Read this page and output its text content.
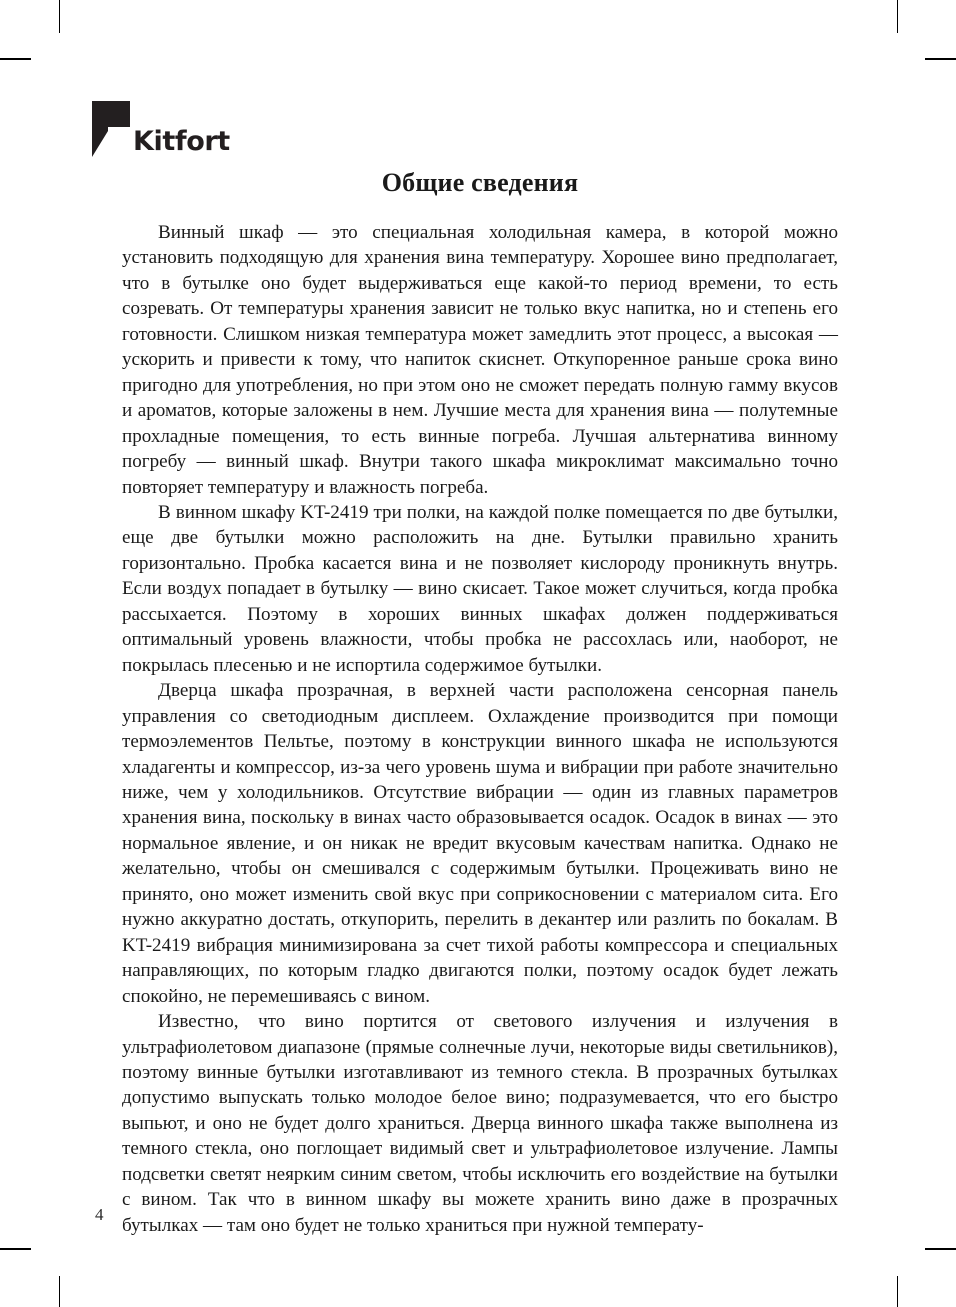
Kitfort
Общие сведения

Винный шкаф — это специальная холодильная камера, в которой можно установить подходящую для хранения вина температуру. Хорошее вино предполагает, что в бутылке оно будет выдерживаться еще какой-то период времени, то есть созревать. От температуры хранения зависит не только вкус напитка, но и степень его готовности. Слишком низкая температура может замедлить этот процесс, а высокая — ускорить и привести к тому, что напиток скиснет. Откупоренное раньше срока вино пригодно для употребления, но при этом оно не сможет передать полную гамму вкусов и ароматов, которые заложены в нем. Лучшие места для хранения вина — полутемные прохладные помещения, то есть винные погреба. Лучшая альтернатива винному погребу — винный шкаф. Внутри такого шкафа микроклимат максимально точно повторяет температуру и влажность погреба.

В винном шкафу KT-2419 три полки, на каждой полке помещается по две бутылки, еще две бутылки можно расположить на дне. Бутылки правильно хранить горизонтально. Пробка касается вина и не позволяет кислороду проникнуть внутрь. Если воздух попадает в бутылку — вино скисает. Такое может случиться, когда пробка рассыхается. Поэтому в хороших винных шкафах должен поддерживаться оптимальный уровень влажности, чтобы пробка не рассохлась или, наоборот, не покрылась плесенью и не испортила содержимое бутылки.

Дверца шкафа прозрачная, в верхней части расположена сенсорная панель управления со светодиодным дисплеем. Охлаждение производится при помощи термоэлементов Пельтье, поэтому в конструкции винного шкафа не используются хладагенты и компрессор, из-за чего уровень шума и вибрации при работе значительно ниже, чем у холодильников. Отсутствие вибрации — один из главных параметров хранения вина, поскольку в винах часто образовывается осадок. Осадок в винах — это нормальное явление, и он никак не вредит вкусовым качествам напитка. Однако не желательно, чтобы он смешивался с содержимым бутылки. Процеживать вино не принято, оно может изменить свой вкус при соприкосновении с материалом сита. Его нужно аккуратно достать, откупорить, перелить в декантер или разлить по бокалам. В KT-2419 вибрация минимизирована за счет тихой работы компрессора и специальных направляющих, по которым гладко двигаются полки, поэтому осадок будет лежать спокойно, не перемешиваясь с вином.

Известно, что вино портится от светового излучения и излучения в ультрафиолетовом диапазоне (прямые солнечные лучи, некоторые виды светильников), поэтому винные бутылки изготавливают из темного стекла. В прозрачных бутылках допустимо выпускать только молодое белое вино; подразумевается, что его быстро выпьют, и оно не будет долго храниться. Дверца винного шкафа также выполнена из темного стекла, оно поглощает видимый свет и ультрафиолетовое излучение. Лампы подсветки светят неярким синим светом, чтобы исключить его воздействие на бутылки с вином. Так что в винном шкафу вы можете хранить вино даже в прозрачных бутылках — там оно будет не только храниться при нужной температу-

4
